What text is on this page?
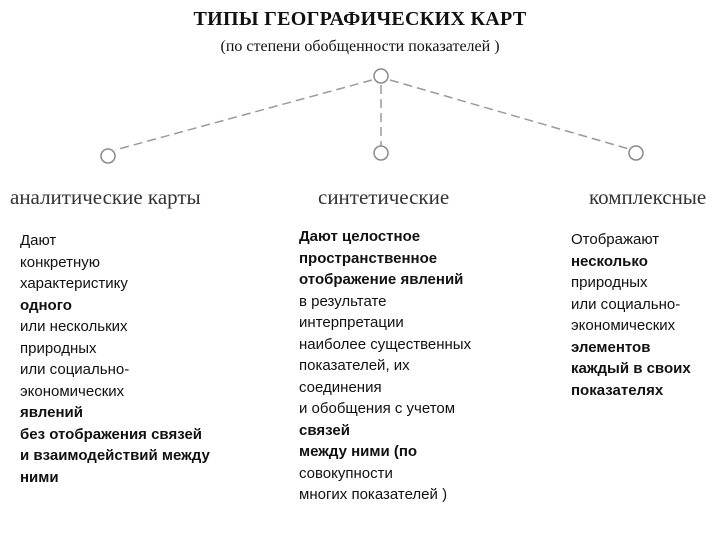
ТИПЫ ГЕОГРАФИЧЕСКИХ КАРТ
(по степени обобщенности показателей )
аналитические карты	синтетические	комплексные
Дают
конкретную
характеристику
одного
или нескольких
природных
или социально-
экономических
явлений
без отображения связей
и взаимодействий между
ними
Дают целостное
пространственное
отображение явлений
в результате
интерпретации
наиболее существенных
показателей, их
соединения
и обобщения с учетом
связей
между ними (по
совокупности
многих показателей )
Отображают
несколько
природных
или социально-
экономических
элементов
каждый в своих
показателях
